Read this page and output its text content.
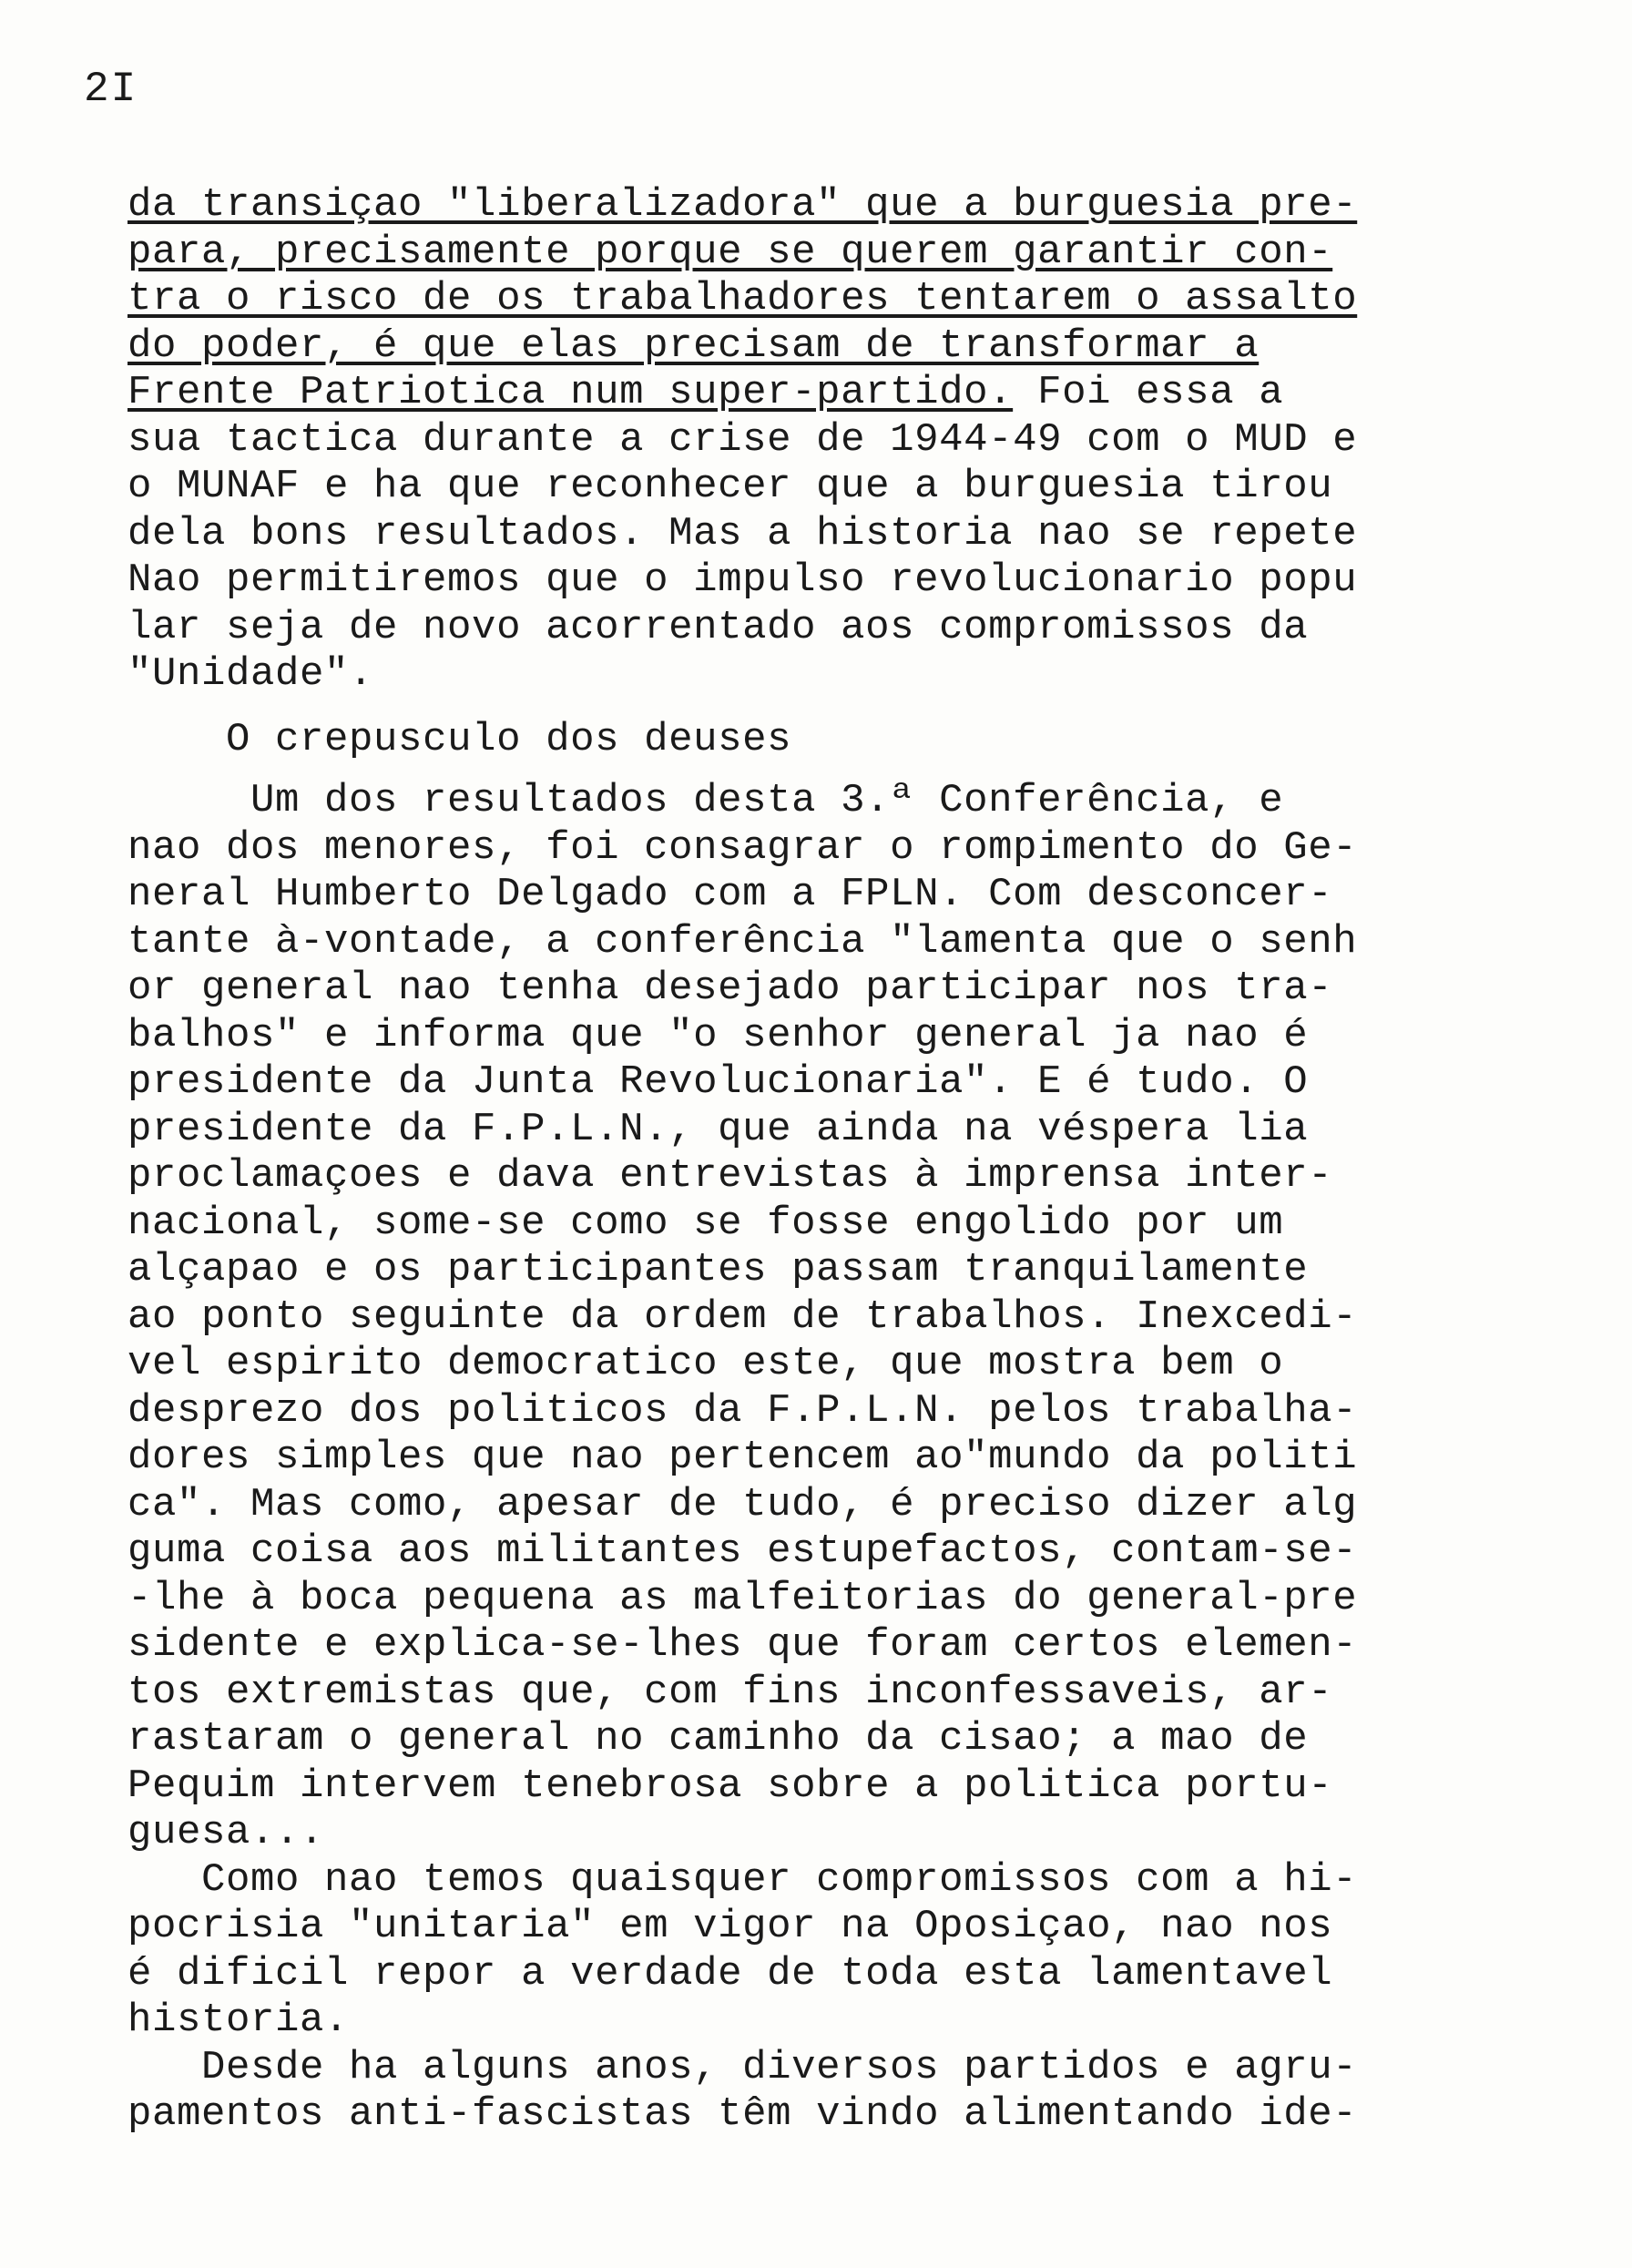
2I
da transiçao "liberalizadora" que a burguesia pre-
para, precisamente porque se querem garantir con-
tra o risco de os trabalhadores tentarem o assalto
do poder, é que elas precisam de transformar a
Frente Patriotica num super-partido. Foi essa a
sua tactica durante a crise de 1944-49 com o MUD e
o MUNAF e ha que reconhecer que a burguesia tirou
dela bons resultados. Mas a historia nao se repete
Nao permitiremos que o impulso revolucionario popu
lar seja de novo acorrentado aos compromissos da
"Unidade".
O crepusculo dos deuses
Um dos resultados desta 3.ª Conferência, e
nao dos menores, foi consagrar o rompimento do Ge-
neral Humberto Delgado com a FPLN. Com desconcer-
tante à-vontade, a conferência "lamenta que o senh
or general nao tenha desejado participar nos tra-
balhos" e informa que "o senhor general ja nao é
presidente da Junta Revolucionaria". E é tudo. O
presidente da F.P.L.N., que ainda na véspera lia
proclamaçoes e dava entrevistas à imprensa inter-
nacional, some-se como se fosse engolido por um
alçapao e os participantes passam tranquilamente
ao ponto seguinte da ordem de trabalhos. Inexcedi-
vel espirito democratico este, que mostra bem o
desprezo dos politicos da F.P.L.N. pelos trabalha-
dores simples que nao pertencem ao"mundo da politi
ca". Mas como, apesar de tudo, é preciso dizer alg
guma coisa aos militantes estupefactos, contam-se-
-lhe à boca pequena as malfeitorias do general-pre
sidente e explica-se-lhes que foram certos elemen-
tos extremistas que, com fins inconfessaveis, ar-
rastaram o general no caminho da cisao; a mao de
Pequim intervem tenebrosa sobre a politica portu-
guesa...
Como nao temos quaisquer compromissos com a hi-
pocrisia "unitaria" em vigor na Oposiçao, nao nos
é dificil repor a verdade de toda esta lamentavel
historia.
Desde ha alguns anos, diversos partidos e agru-
pamentos anti-fascistas têm vindo alimentando ide-
